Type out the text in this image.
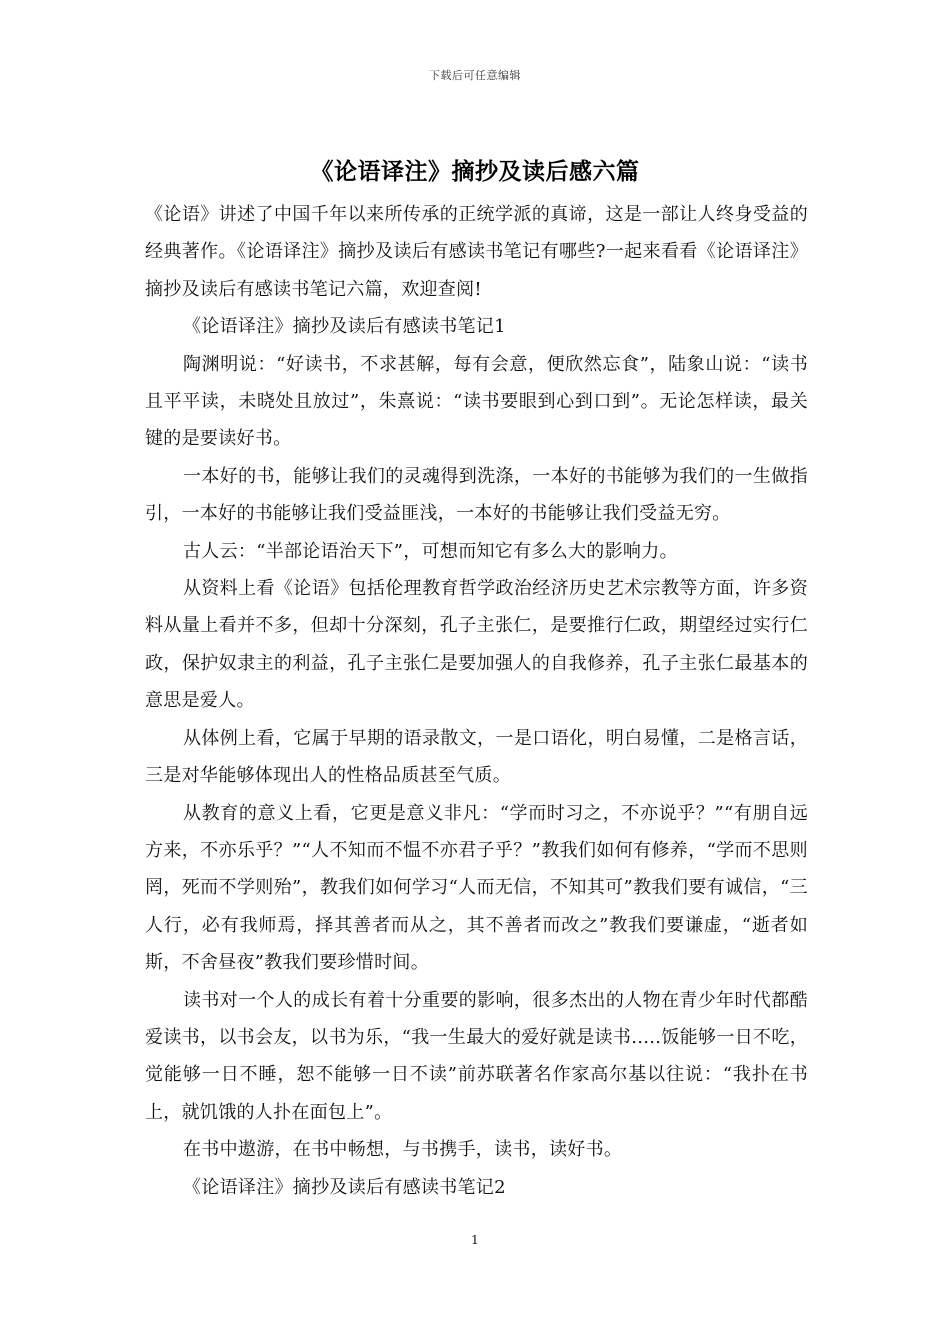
下载后可任意编辑
《论语译注》摘抄及读后感六篇

《论语》讲述了中国千年以来所传承的正统学派的真谛，这是一部让人终身受益的经典著作。《论语译注》摘抄及读后有感读书笔记有哪些?一起来看看《论语译注》摘抄及读后有感读书笔记六篇，欢迎查阅!

《论语译注》摘抄及读后有感读书笔记1

陶渊明说：“好读书，不求甚解，每有会意，便欣然忘食”，陆象山说：“读书且平平读，未晓处且放过”，朱熹说：“读书要眼到心到口到”。无论怎样读，最关键的是要读好书。

一本好的书，能够让我们的灵魂得到洗涤，一本好的书能够为我们的一生做指引，一本好的书能够让我们受益匪浅，一本好的书能够让我们受益无穷。

古人云：“半部论语治天下”，可想而知它有多么大的影响力。

从资料上看《论语》包括伦理教育哲学政治经济历史艺术宗教等方面，许多资料从量上看并不多，但却十分深刻，孔子主张仁，是要推行仁政，期望经过实行仁政，保护奴隶主的利益，孔子主张仁是要加强人的自我修养，孔子主张仁最基本的意思是爱人。

从体例上看，它属于早期的语录散文，一是口语化，明白易懂，二是格言话，三是对华能够体现出人的性格品质甚至气质。

从教育的意义上看，它更是意义非凡：“学而时习之，不亦说乎？”“有朋自远方来，不亦乐乎？”“人不知而不愠不亦君子乎？”教我们如何有修养，“学而不思则罔，死而不学则殆”，教我们如何学习“人而无信，不知其可”教我们要有诚信，“三人行，必有我师焉，择其善者而从之，其不善者而改之”教我们要谦虚，“逝者如斯，不舍昼夜”教我们要珍惜时间。

读书对一个人的成长有着十分重要的影响，很多杰出的人物在青少年时代都酷爱读书，以书会友，以书为乐，“我一生最大的爱好就是读书.....饭能够一日不吃，觉能够一日不睡，恕不能够一日不读”前苏联著名作家高尔基以往说：“我扑在书上，就饥饿的人扑在面包上”。

在书中遨游，在书中畅想，与书携手，读书，读好书。

《论语译注》摘抄及读后有感读书笔记2

1
